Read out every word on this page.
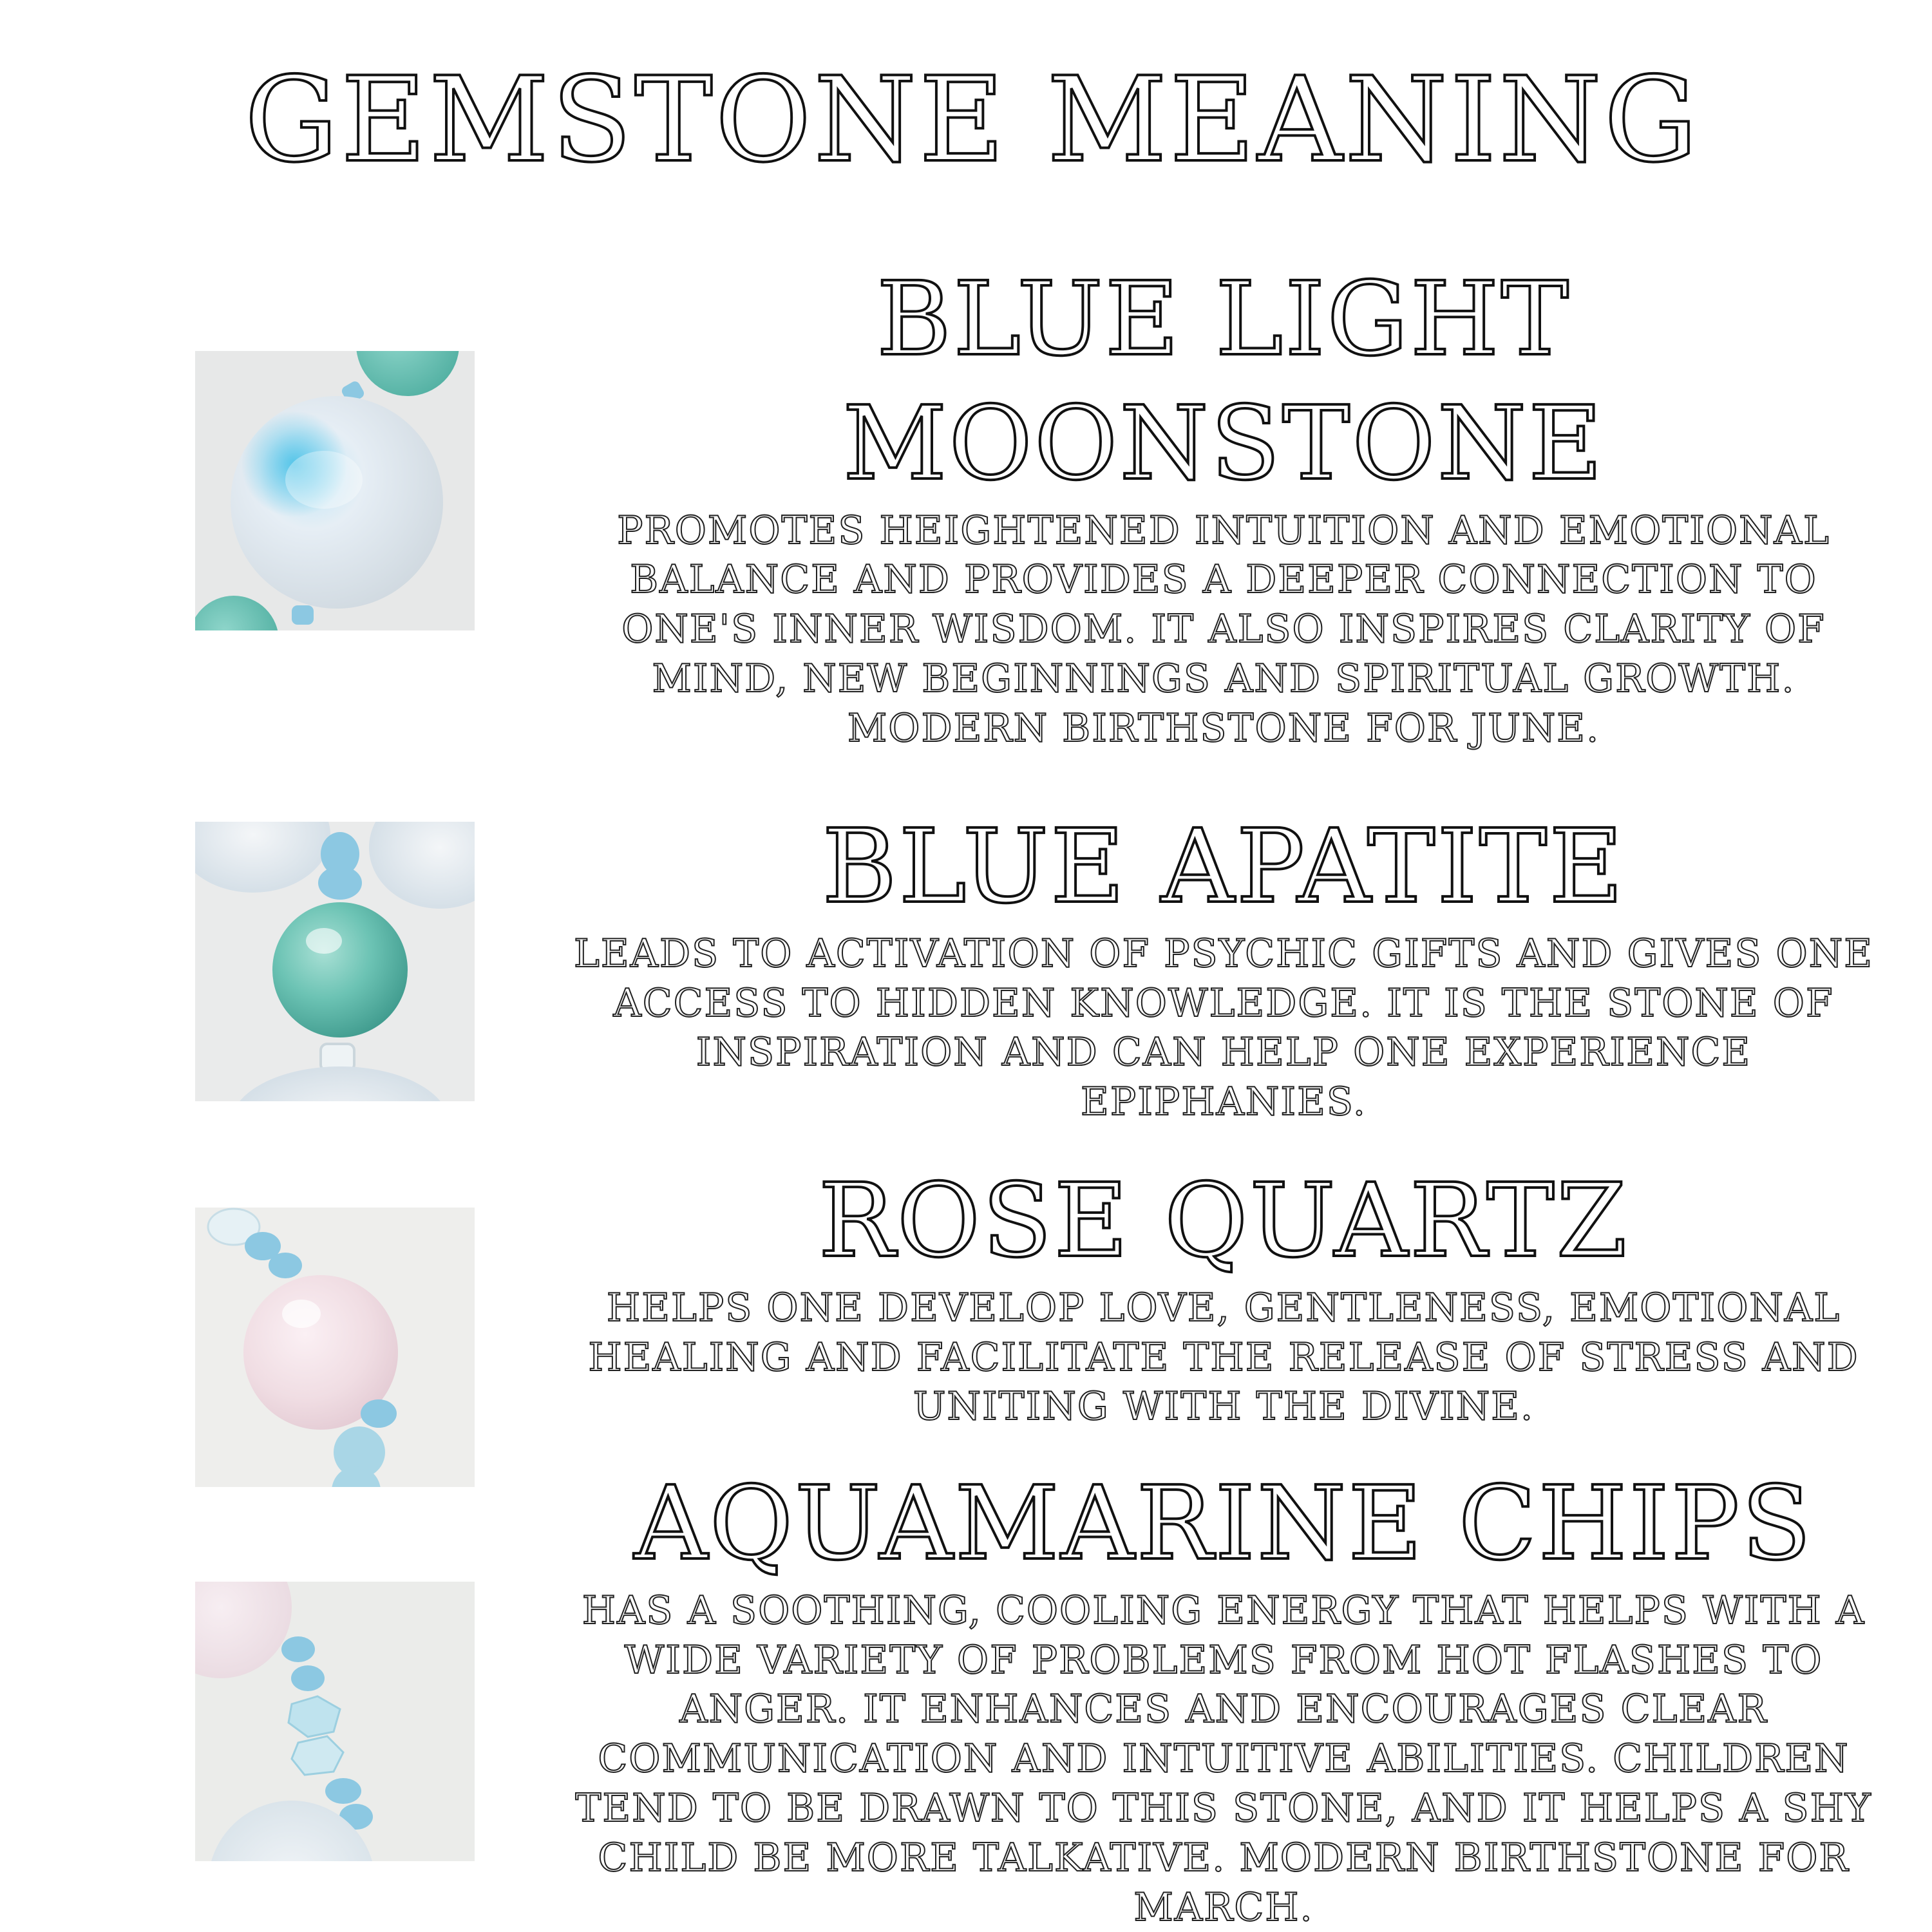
GEMSTONE MEANING
BLUE LIGHT MOONSTONE
PROMOTES HEIGHTENED INTUITION AND EMOTIONAL BALANCE AND PROVIDES A DEEPER CONNECTION TO ONE'S INNER WISDOM. IT ALSO INSPIRES CLARITY OF MIND, NEW BEGINNINGS AND SPIRITUAL GROWTH. MODERN BIRTHSTONE FOR JUNE.
BLUE APATITE
LEADS TO ACTIVATION OF PSYCHIC GIFTS AND GIVES ONE ACCESS TO HIDDEN KNOWLEDGE. IT IS THE STONE OF INSPIRATION AND CAN HELP ONE EXPERIENCE EPIPHANIES.
ROSE QUARTZ
HELPS ONE DEVELOP LOVE, GENTLENESS, EMOTIONAL HEALING AND FACILITATE THE RELEASE OF STRESS AND UNITING WITH THE DIVINE.
AQUAMARINE CHIPS
HAS A SOOTHING, COOLING ENERGY THAT HELPS WITH A WIDE VARIETY OF PROBLEMS FROM HOT FLASHES TO ANGER. IT ENHANCES AND ENCOURAGES CLEAR COMMUNICATION AND INTUITIVE ABILITIES. CHILDREN TEND TO BE DRAWN TO THIS STONE, AND IT HELPS A SHY CHILD BE MORE TALKATIVE. MODERN BIRTHSTONE FOR MARCH.
